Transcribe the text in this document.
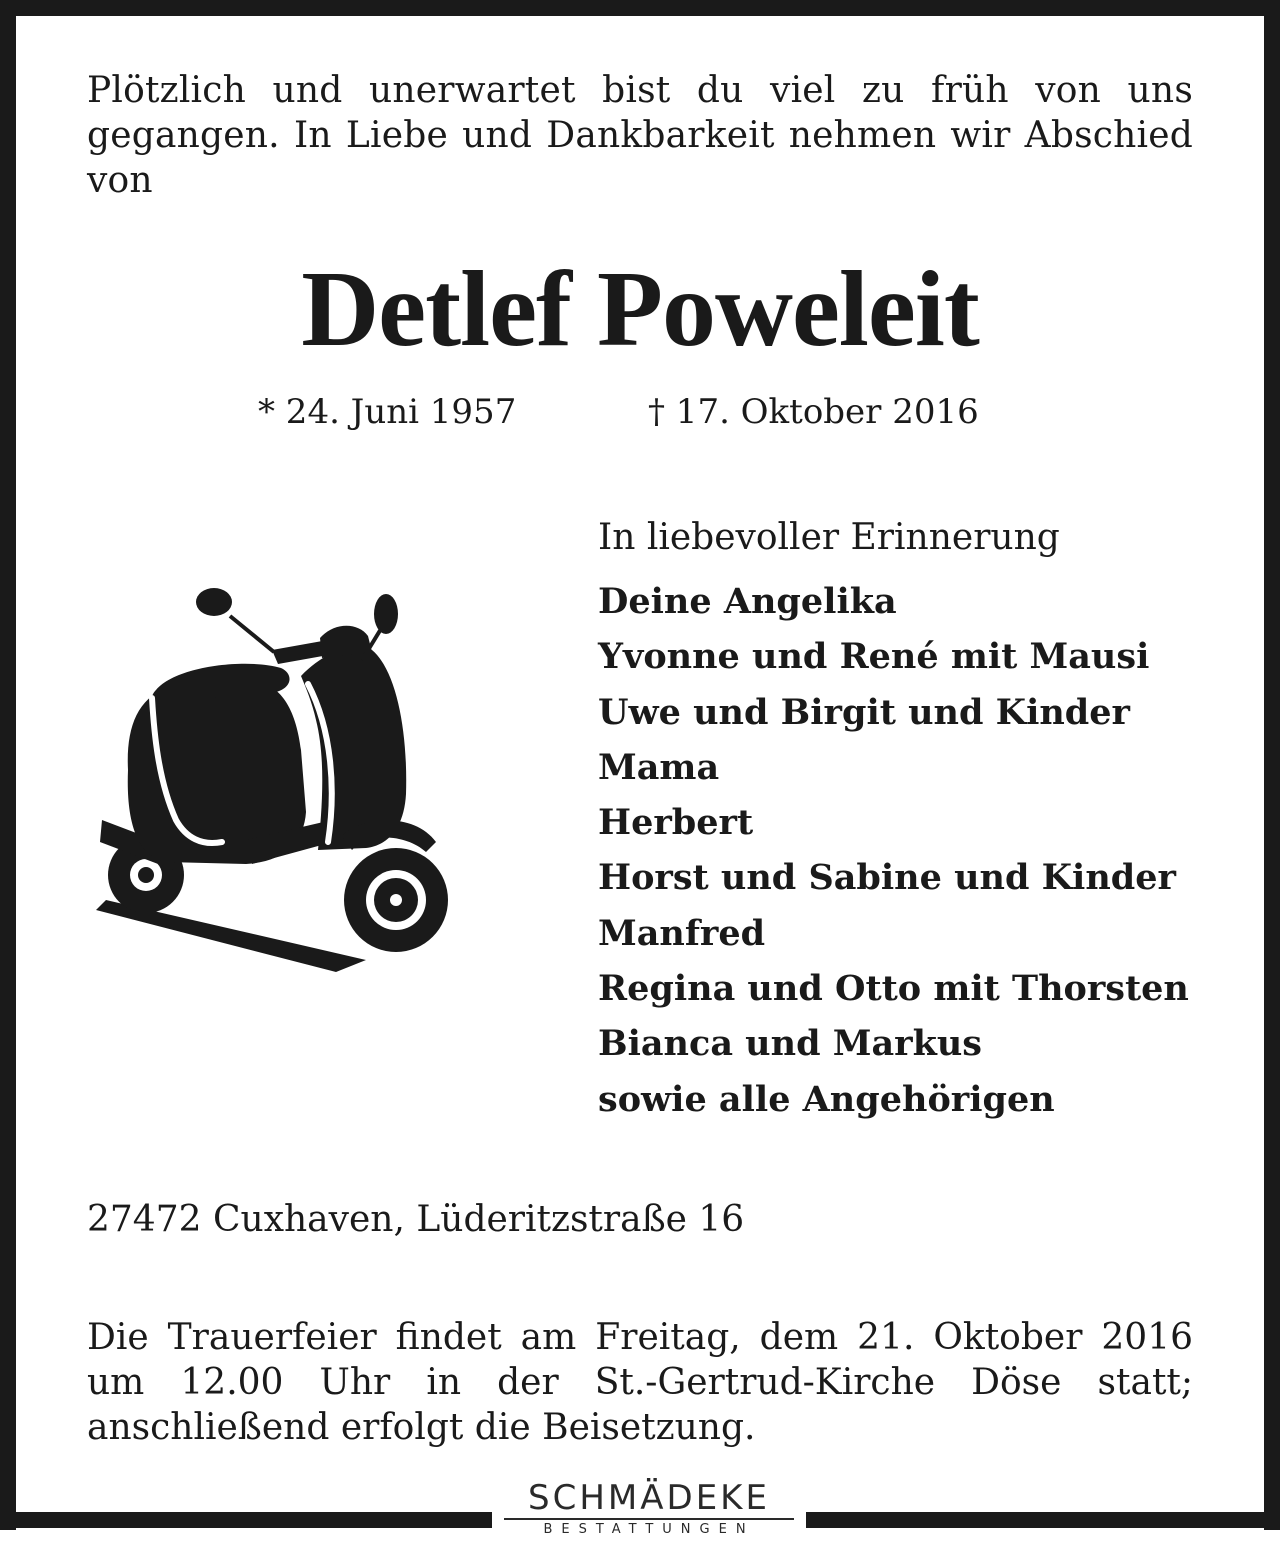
Plötzlich und unerwartet bist du viel zu früh von uns gegangen. In Liebe und Dankbarkeit nehmen wir Abschied von
Detlef Poweleit
* 24. Juni 1957	† 17. Oktober 2016
In liebevoller Erinnerung
Deine Angelika
Yvonne und René mit Mausi
Uwe und Birgit und Kinder
Mama
Herbert
Horst und Sabine und Kinder
Manfred
Regina und Otto mit Thorsten
Bianca und Markus
sowie alle Angehörigen
27472 Cuxhaven, Lüderitzstraße 16
Die Trauerfeier findet am Freitag, dem 21. Oktober 2016 um 12.00 Uhr in der St.-Gertrud-Kirche Döse statt; anschließend erfolgt die Beisetzung.
SCHMÄDEKE
BESTATTUNGEN
